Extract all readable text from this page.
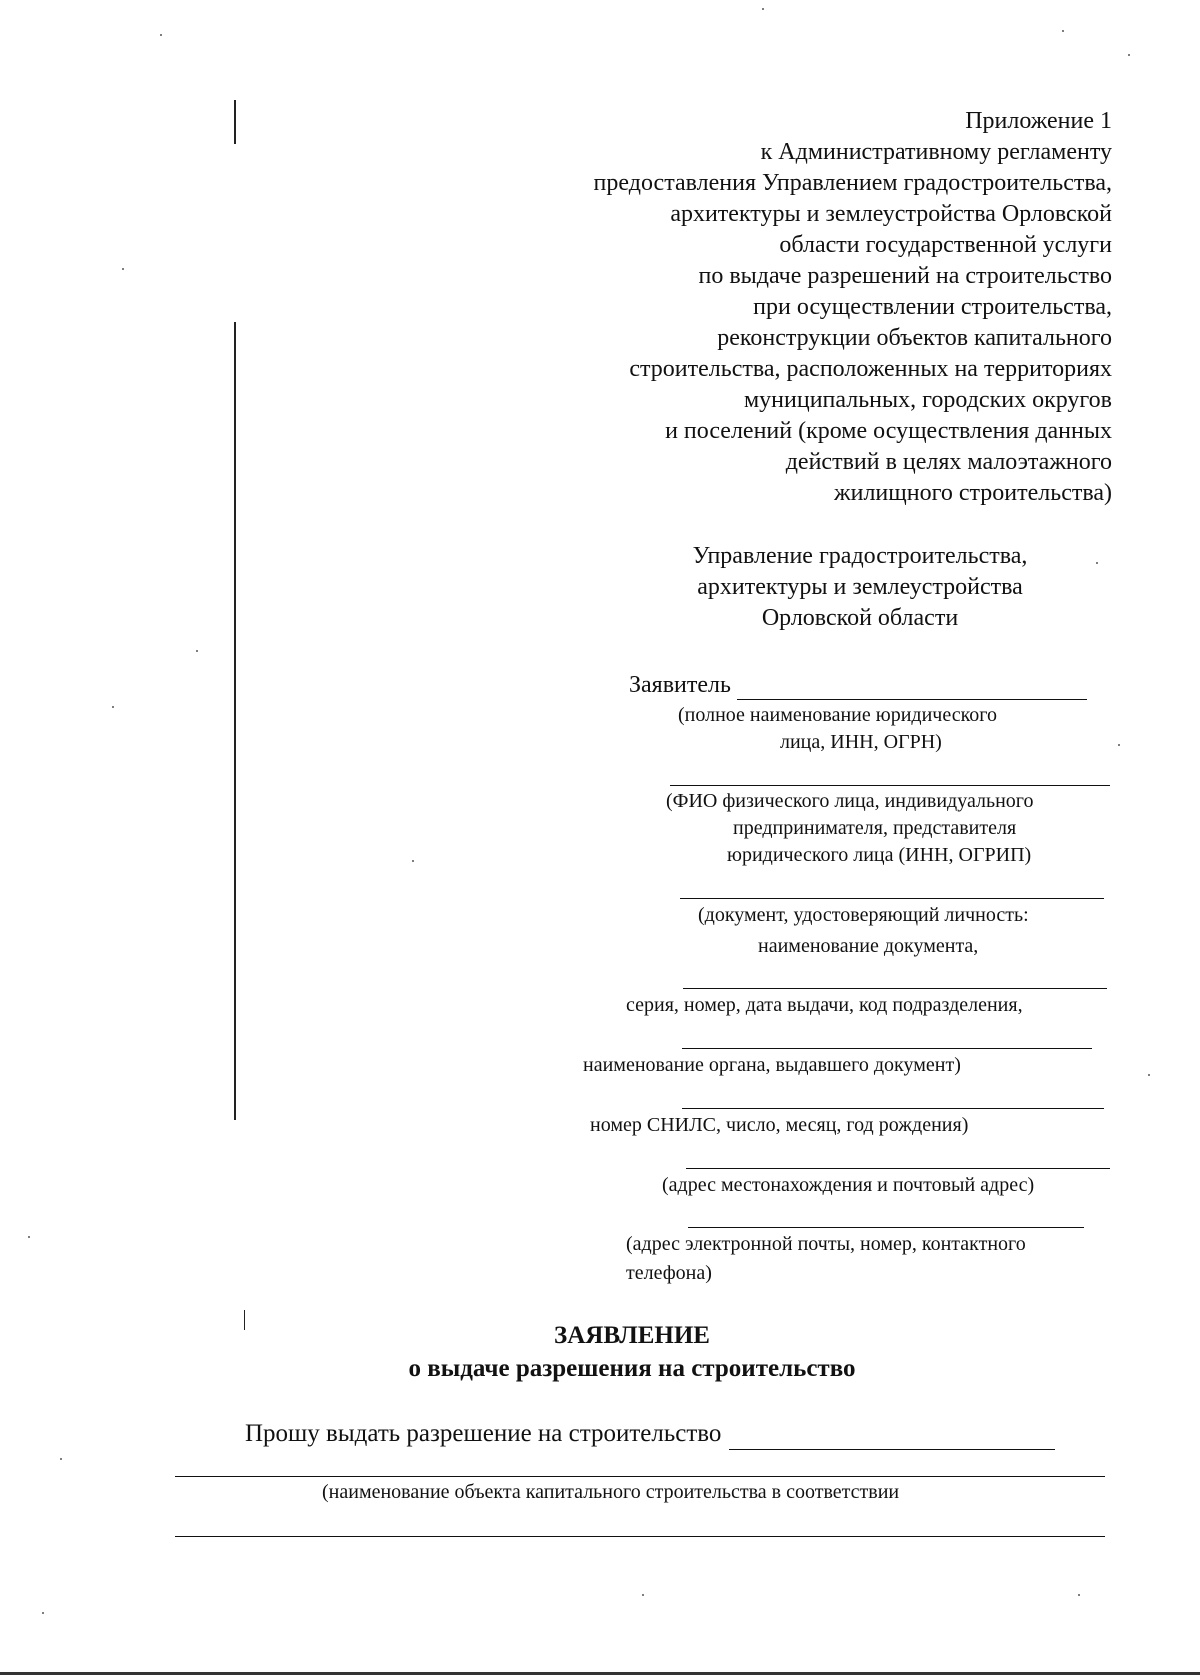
Приложение 1
к Административному регламенту
предоставления Управлением градостроительства,
архитектуры и землеустройства Орловской
области государственной услуги
по выдаче разрешений на строительство
при осуществлении строительства,
реконструкции объектов капитального
строительства, расположенных на территориях
муниципальных, городских округов
и поселений (кроме осуществления данных
действий в целях малоэтажного
жилищного строительства)
Управление градостроительства,
архитектуры и землеустройства
Орловской области
Заявитель
(полное наименование юридического
лица, ИНН, ОГРН)
(ФИО физического лица, индивидуального
предпринимателя, представителя
юридического лица (ИНН, ОГРИП)
(документ, удостоверяющий личность:
наименование документа,
серия, номер, дата выдачи, код подразделения,
наименование органа, выдавшего документ)
номер СНИЛС, число, месяц, год рождения)
(адрес местонахождения и почтовый адрес)
(адрес электронной почты, номер, контактного
телефона)
ЗАЯВЛЕНИЕ
о выдаче разрешения на строительство
Прошу выдать разрешение на строительство
(наименование объекта капитального строительства в соответствии
